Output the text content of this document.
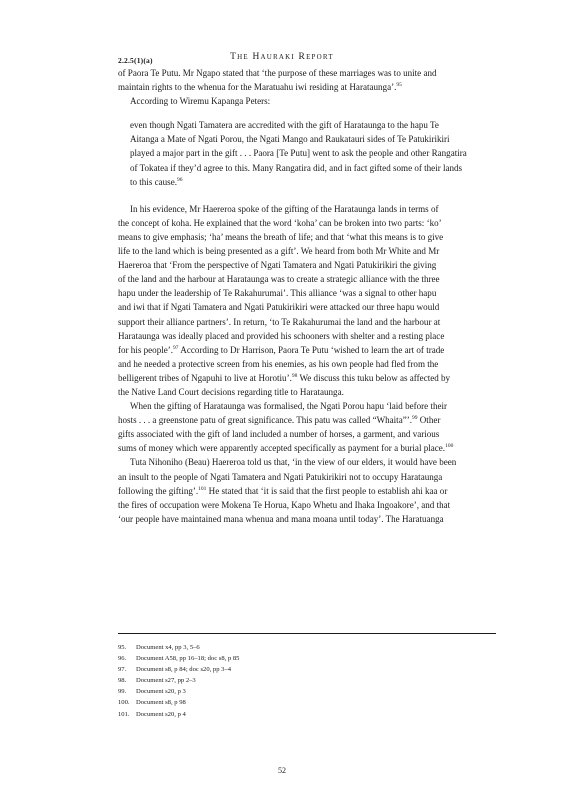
2.2.5(1)(a)	The Hauraki Report

of Paora Te Putu. Mr Ngapo stated that ‘the purpose of these marriages was to unite and
maintain rights to the whenua for the Maratuahu iwi residing at Harataunga’.$^{95}$

According to Wiremu Kapanga Peters:

even though Ngati Tamatera are accredited with the gift of Harataunga to the hapu Te
Aitanga a Mate of Ngati Porou, the Ngati Mango and Raukatauri sides of Te Patukirikiri
played a major part in the gift . . . Paora [Te Putu] went to ask the people and other Rangatira
of Tokatea if they’d agree to this. Many Rangatira did, and in fact gifted some of their lands
to this cause.$^{96}$

In his evidence, Mr Haereroa spoke of the gifting of the Harataunga lands in terms of
the concept of koha. He explained that the word ‘koha’ can be broken into two parts: ‘ko’
means to give emphasis; ‘ha’ means the breath of life; and that ‘what this means is to give
life to the land which is being presented as a gift’. We heard from both Mr White and Mr
Haereroa that ‘From the perspective of Ngati Tamatera and Ngati Patukirikiri the giving
of the land and the harbour at Harataunga was to create a strategic alliance with the three
hapu under the leadership of Te Rakahurumai’. This alliance ‘was a signal to other hapu
and iwi that if Ngati Tamatera and Ngati Patukirikiri were attacked our three hapu would
support their alliance partners’. In return, ‘to Te Rakahurumai the land and the harbour at
Harataunga was ideally placed and provided his schooners with shelter and a resting place
for his people’.$^{97}$ According to Dr Harrison, Paora Te Putu ‘wished to learn the art of trade
and he needed a protective screen from his enemies, as his own people had fled from the
belligerent tribes of Ngapuhi to live at Horotiu’.$^{98}$ We discuss this tuku below as affected by
the Native Land Court decisions regarding title to Harataunga.

When the gifting of Harataunga was formalised, the Ngati Porou hapu ‘laid before their
hosts . . . a greenstone patu of great significance. This patu was called “Whaita”’.$^{99}$ Other
gifts associated with the gift of land included a number of horses, a garment, and various
sums of money which were apparently accepted specifically as payment for a burial place.$^{100}$

Tuta Nihoniho (Beau) Haereroa told us that, ‘in the view of our elders, it would have been
an insult to the people of Ngati Tamatera and Ngati Patukirikiri not to occupy Harataunga
following the gifting’.$^{101}$ He stated that ‘it is said that the first people to establish ahi kaa or
the fires of occupation were Mokena Te Horua, Kapo Whetu and Ihaka Ingoakore’, and that
‘our people have maintained mana whenua and mana moana until today’. The Haratuanga

95. Document x4, pp 3, 5–6
96. Document A58, pp 16–18; doc s8, p 85
97. Document s8, p 84; doc s20, pp 3–4
98. Document s27, pp 2–3
99. Document s20, p 3
100. Document s8, p 98
101. Document s20, p 4
52
